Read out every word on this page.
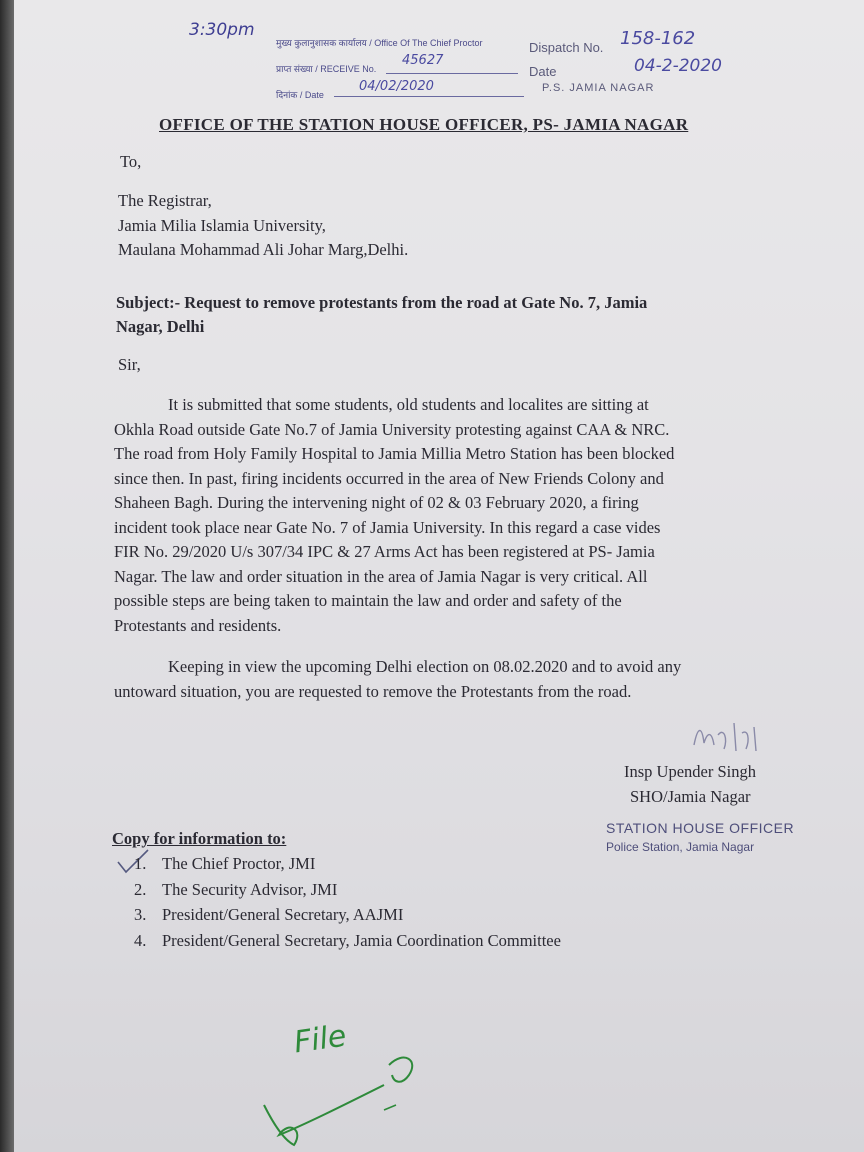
3:30pm
मुख्य कुलानुशासक कार्यालय / Office Of The Chief Proctor
प्राप्त संख्या / RECEIVE No.
45627
दिनांक / Date
04/02/2020
Dispatch No. 158-162
Date	04-2-2020
P.S. JAMIA NAGAR
OFFICE OF THE STATION HOUSE OFFICER, PS- JAMIA NAGAR
To,
The Registrar,
Jamia Milia Islamia University,
Maulana Mohammad Ali Johar Marg,Delhi.
Subject:- Request to remove protestants from the road at Gate No. 7, Jamia
Nagar, Delhi
Sir,
It is submitted that some students, old students and localites are sitting at
Okhla Road outside Gate No.7 of Jamia University protesting against CAA & NRC.
The road from Holy Family Hospital to Jamia Millia Metro Station has been blocked
since then. In past, firing incidents occurred in the area of New Friends Colony and
Shaheen Bagh. During the intervening night of 02 & 03 February 2020, a firing
incident took place near Gate No. 7 of Jamia University. In this regard a case vides
FIR No. 29/2020 U/s 307/34 IPC & 27 Arms Act has been registered at PS- Jamia
Nagar. The law and order situation in the area of Jamia Nagar is very critical. All
possible steps are being taken to maintain the law and order and safety of the
Protestants and residents.
Keeping in view the upcoming Delhi election on 08.02.2020 and to avoid any
untoward situation, you are requested to remove the Protestants from the road.
Insp Upender Singh
SHO/Jamia Nagar
STATION HOUSE OFFICER
Police Station, Jamia Nagar
Copy for information to:
1. The Chief Proctor, JMI
2. The Security Advisor, JMI
3. President/General Secretary, AAJMI
4. President/General Secretary, Jamia Coordination Committee
File
